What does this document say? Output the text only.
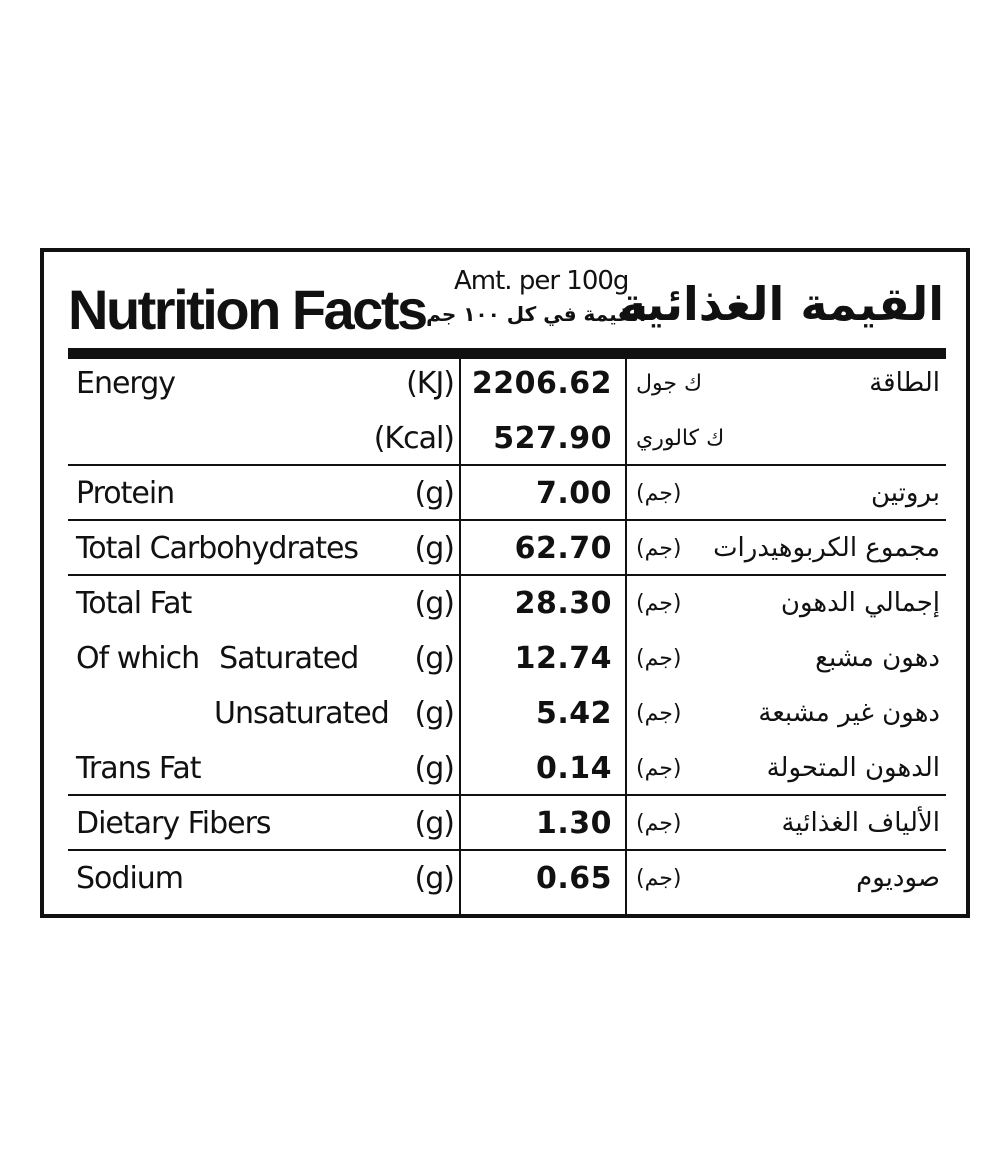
Nutrition Facts Amt. per 100g
القيمة في كل ١٠٠ جم
القيمة الغذائية
Energy	(KJ) 2206.62 ك جول	الطاقة
(Kcal) 527.90 ك كالوري
Protein	(g)	7.00 (جم)	بروتين
Total Carbohydrates (g) 62.70 (جم) مجموع الكربوهيدرات
Total Fat	(g) 28.30 (جم)	إجمالي الدهون
Of which Saturated (g) 12.74 (جم)	دهون مشبع
Unsaturated (g)	5.42 (جم)	دهون غير مشبعة
Trans Fat	(g)	0.14 (جم)	الدهون المتحولة
Dietary Fibers	(g)	1.30 (جم)	الألياف الغذائية
Sodium	(g)	0.65 (جم)	صوديوم
